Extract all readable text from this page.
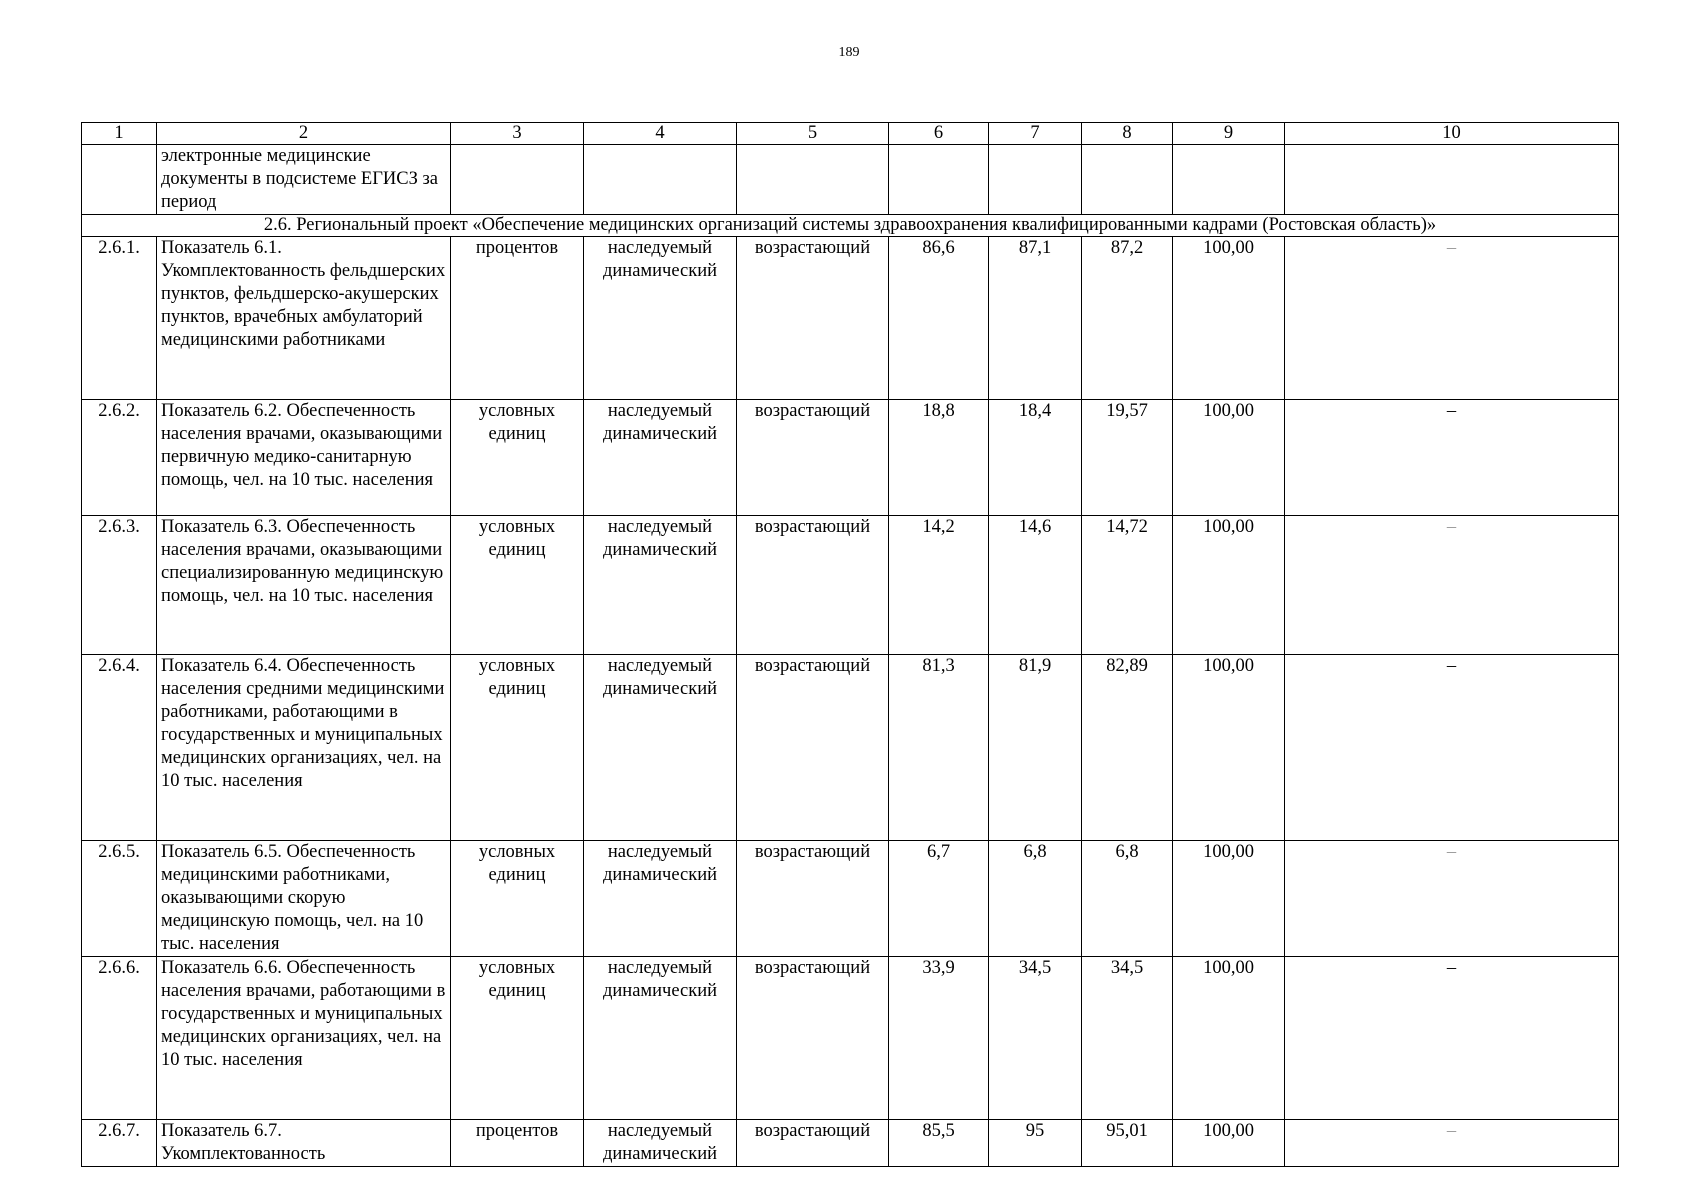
189
1	2	3	4	5	6	7	8	9	10
	электронные медицинские документы в подсистеме ЕГИСЗ за период								
2.6. Региональный проект «Обеспечение медицинских организаций системы здравоохранения квалифицированными кадрами (Ростовская область)»									
2.6.1.	Показатель 6.1. Укомплектованность фельдшерских пунктов, фельдшерско-акушерских пунктов, врачебных амбулаторий медицинскими работниками	процентов	наследуемый динамический	возрастающий	86,6	87,1	87,2	100,00	–
2.6.2.	Показатель 6.2. Обеспеченность населения врачами, оказывающими первичную медико-санитарную помощь, чел. на 10 тыс. населения	условных единиц	наследуемый динамический	возрастающий	18,8	18,4	19,57	100,00	–
2.6.3.	Показатель 6.3. Обеспеченность населения врачами, оказывающими специализированную медицинскую помощь, чел. на 10 тыс. населения	условных единиц	наследуемый динамический	возрастающий	14,2	14,6	14,72	100,00	–
2.6.4.	Показатель 6.4. Обеспеченность населения средними медицинскими работниками, работающими в государственных и муниципальных медицинских организациях, чел. на 10 тыс. населения	условных единиц	наследуемый динамический	возрастающий	81,3	81,9	82,89	100,00	–
2.6.5.	Показатель 6.5. Обеспеченность медицинскими работниками, оказывающими скорую медицинскую помощь, чел. на 10 тыс. населения	условных единиц	наследуемый динамический	возрастающий	6,7	6,8	6,8	100,00	–
2.6.6.	Показатель 6.6. Обеспеченность населения врачами, работающими в государственных и муниципальных медицинских организациях, чел. на 10 тыс. населения	условных единиц	наследуемый динамический	возрастающий	33,9	34,5	34,5	100,00	–
2.6.7.	Показатель 6.7. Укомплектованность	процентов	наследуемый динамический	возрастающий	85,5	95	95,01	100,00	–
